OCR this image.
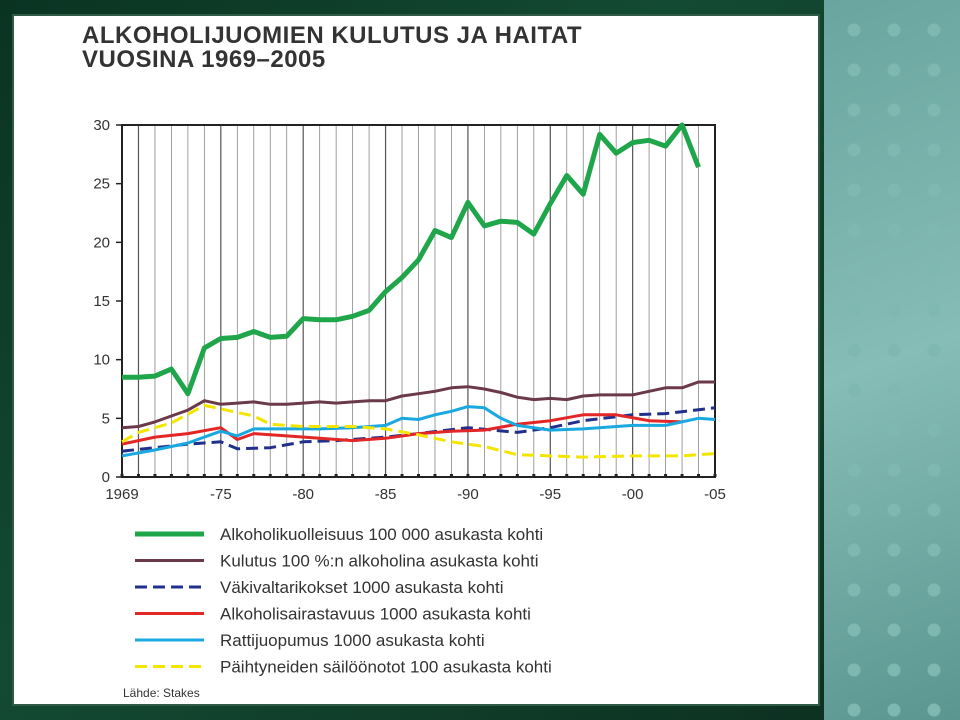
0
5
10
15
20
25
30
1969	-75	-80	-85	-90	-95	-00	-05
Alkoholikuolleisuus 100 000 asukasta kohti
Kulutus 100 %:n alkoholina asukasta kohti
Väkivaltarikokset 1000 asukasta kohti
Alkoholisairastavuus 1000 asukasta kohti
Rattijuopumus 1000 asukasta kohti
Päihtyneiden säilöönotot 100 asukasta kohti
ALKOHOLIJUOMIEN KULUTUS JA HAITAT
VUOSINA 1969–2005
Lähde: Stakes
